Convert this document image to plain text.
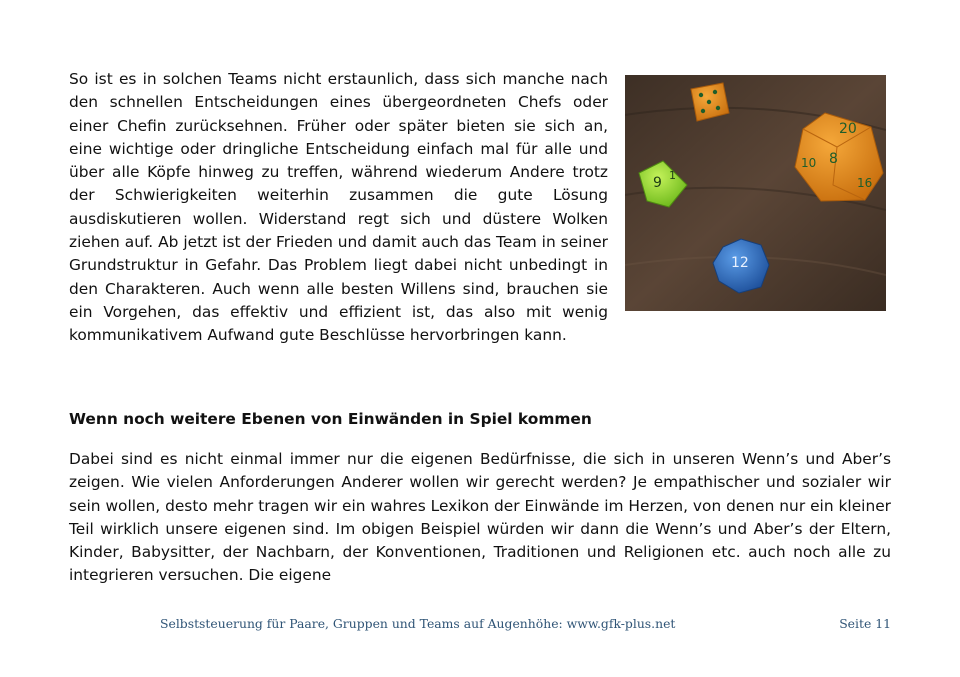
So ist es in solchen Teams nicht erstaunlich, dass sich manche nach den schnellen Entscheidungen eines übergeordneten Chefs oder einer Chefin zurücksehnen. Früher oder später bieten sie sich an, eine wichtige oder dringliche Entscheidung einfach mal für alle und über alle Köpfe hinweg zu treffen, während wiederum Andere trotz der Schwierigkeiten weiterhin zusammen die gute Lösung ausdiskutieren wollen. Widerstand regt sich und düstere Wolken ziehen auf. Ab jetzt ist der Frieden und damit auch das Team in seiner Grundstruktur in Gefahr. Das Problem liegt dabei nicht unbedingt in den Charakteren. Auch wenn alle besten Willens sind, brauchen sie ein Vorgehen, das effektiv und effizient ist, das also mit wenig kommunikativem Aufwand gute Beschlüsse hervorbringen kann.

20
8
10
16
9 1
12

Wenn noch weitere Ebenen von Einwänden in Spiel kommen

Dabei sind es nicht einmal immer nur die eigenen Bedürfnisse, die sich in unseren Wenn’s und Aber’s zeigen. Wie vielen Anforderungen Anderer wollen wir gerecht werden? Je empathischer und sozialer wir sein wollen, desto mehr tragen wir ein wahres Lexikon der Einwände im Herzen, von denen nur ein kleiner Teil wirklich unsere eigenen sind. Im obigen Beispiel würden wir dann die Wenn’s und Aber’s der Eltern, Kinder, Babysitter, der Nachbarn, der Konventionen, Traditionen und Religionen etc. auch noch alle zu integrieren versuchen. Die eigene

Selbststeuerung für Paare, Gruppen und Teams auf Augenhöhe: www.gfk-plus.net	Seite 11
